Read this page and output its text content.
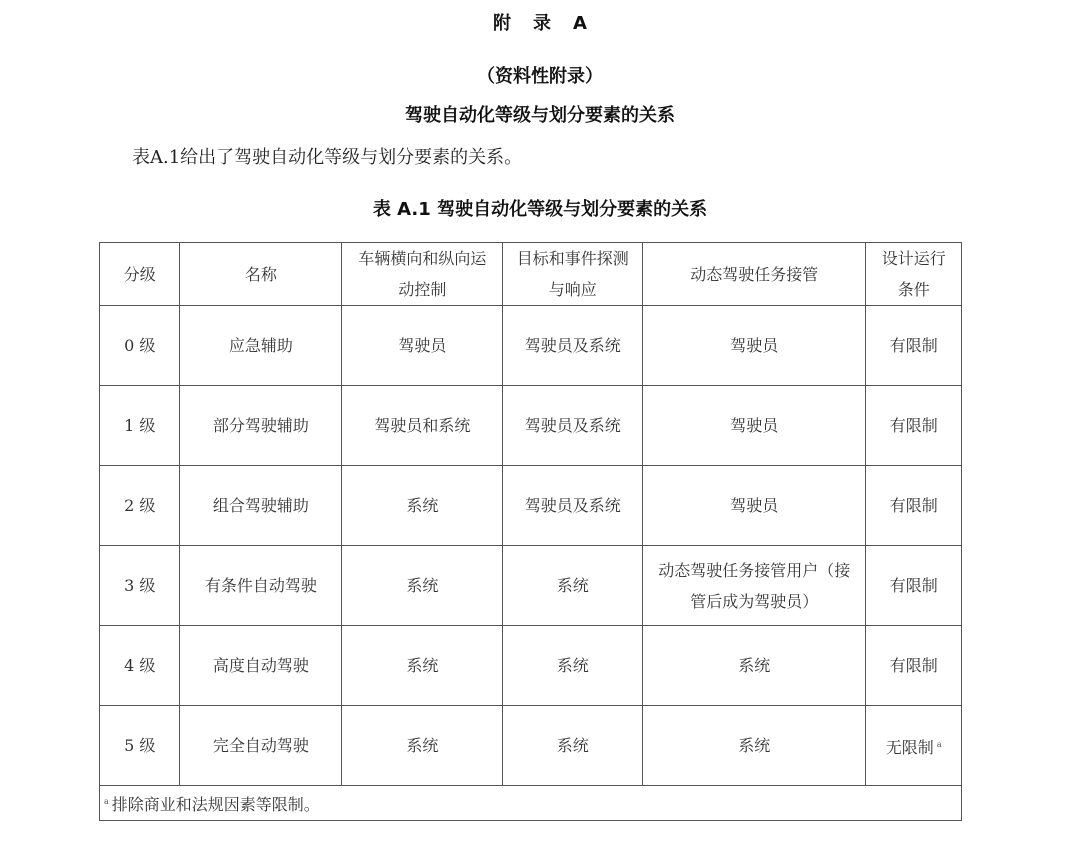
附 录 A
（资料性附录）
驾驶自动化等级与划分要素的关系
表A.1给出了驾驶自动化等级与划分要素的关系。
表 A.1 驾驶自动化等级与划分要素的关系
分级	名称	车辆横向和纵向运动控制	目标和事件探测与响应	动态驾驶任务接管	设计运行条件
0 级	应急辅助	驾驶员	驾驶员及系统	驾驶员	有限制
1 级	部分驾驶辅助	驾驶员和系统	驾驶员及系统	驾驶员	有限制
2 级	组合驾驶辅助	系统	驾驶员及系统	驾驶员	有限制
3 级	有条件自动驾驶	系统	系统	动态驾驶任务接管用户（接管后成为驾驶员）	有限制
4 级	高度自动驾驶	系统	系统	系统	有限制
5 级	完全自动驾驶	系统	系统	系统	无限制 $^a$
$^a$ 排除商业和法规因素等限制。					
